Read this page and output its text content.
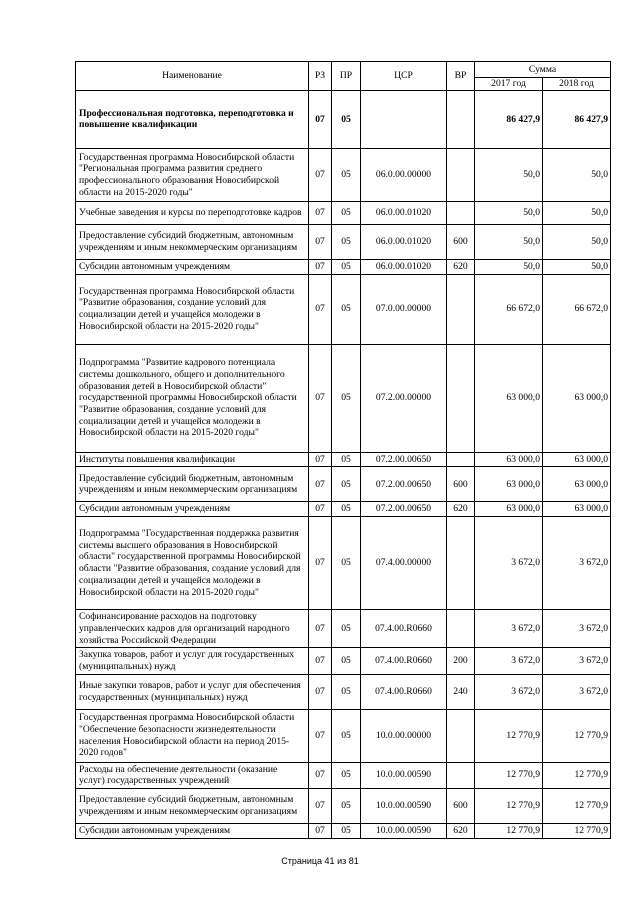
Наименование	РЗ	ПР	ЦСР	ВР	Сумма	
					2017 год	2018 год
Профессиональная подготовка, переподготовка и повышение квалификации	07	05			86 427,9	86 427,9
Государственная программа Новосибирской области "Региональная программа развития среднего профессионального образования Новосибирской области на 2015-2020 годы"	07	05	06.0.00.00000		50,0	50,0
Учебные заведения и курсы по переподготовке кадров	07	05	06.0.00.01020		50,0	50,0
Предоставление субсидий бюджетным, автономным учреждениям и иным некоммерческим организациям	07	05	06.0.00.01020	600	50,0	50,0
Субсидии автономным учреждениям	07	05	06.0.00.01020	620	50,0	50,0
Государственная программа Новосибирской области "Развитие образования, создание условий для социализации детей и учащейся молодежи в Новосибирской области на 2015-2020 годы"	07	05	07.0.00.00000		66 672,0	66 672,0
Подпрограмма "Развитие кадрового потенциала системы дошкольного, общего и дополнительного образования детей в Новосибирской области" государственной программы Новосибирской области "Развитие образования, создание условий для социализации детей и учащейся молодежи в Новосибирской области на 2015-2020 годы"	07	05	07.2.00.00000		63 000,0	63 000,0
Институты повышения квалификации	07	05	07.2.00.00650		63 000,0	63 000,0
Предоставление субсидий бюджетным, автономным учреждениям и иным некоммерческим организациям	07	05	07.2.00.00650	600	63 000,0	63 000,0
Субсидии автономным учреждениям	07	05	07.2.00.00650	620	63 000,0	63 000,0
Подпрограмма "Государственная поддержка развития системы высшего образования в Новосибирской области" государственной программы Новосибирской области "Развитие образования, создание условий для социализации детей и учащейся молодежи в Новосибирской области на 2015-2020 годы"	07	05	07.4.00.00000		3 672,0	3 672,0
Софинансирование расходов на подготовку управленческих кадров для организаций народного хозяйства Российской Федерации	07	05	07.4.00.R0660		3 672,0	3 672,0
Закупка товаров, работ и услуг для государственных (муниципальных) нужд	07	05	07.4.00.R0660	200	3 672,0	3 672,0
Иные закупки товаров, работ и услуг для обеспечения государственных (муниципальных) нужд	07	05	07.4.00.R0660	240	3 672,0	3 672,0
Государственная программа Новосибирской области "Обеспечение безопасности жизнедеятельности населения Новосибирской области на период 2015-2020 годов"	07	05	10.0.00.00000		12 770,9	12 770,9
Расходы на обеспечение деятельности (оказание услуг) государственных учреждений	07	05	10.0.00.00590		12 770,9	12 770,9
Предоставление субсидий бюджетным, автономным учреждениям и иным некоммерческим организациям	07	05	10.0.00.00590	600	12 770,9	12 770,9
Субсидии автономным учреждениям	07	05	10.0.00.00590	620	12 770,9	12 770,9
Страница 41 из 81
